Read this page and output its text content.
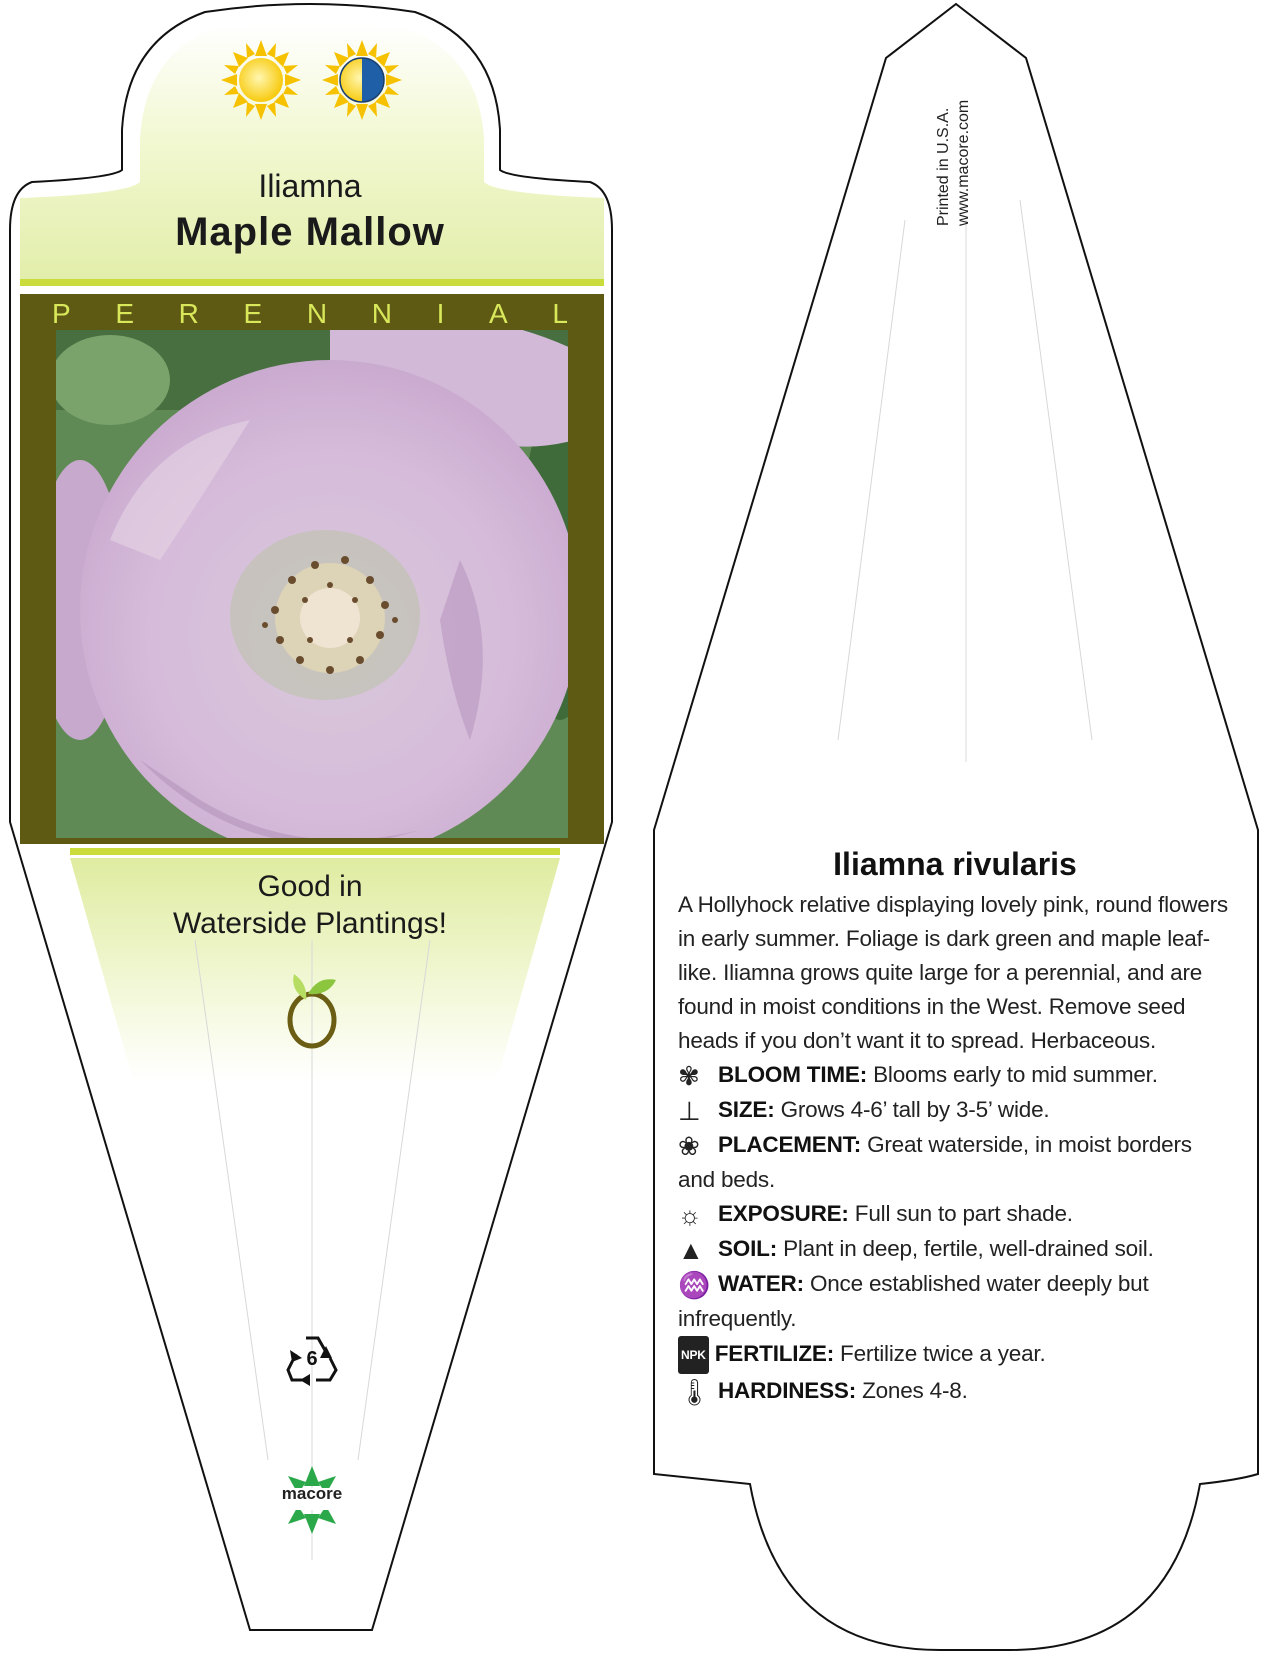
Iliamna
Maple Mallow
P E R E N N I A L
Good in
Waterside Plantings!
6
macore
Printed in U.S.A. www.macore.com
Iliamna rivularis

A Hollyhock relative displaying lovely pink, round flowers in early summer. Foliage is dark green and maple leaf-like. Iliamna grows quite large for a perennial, and are found in moist conditions in the West. Remove seed heads if you don’t want it to spread. Herbaceous.

✾ BLOOM TIME: Blooms early to mid summer.
⊥ SIZE: Grows 4-6’ tall by 3-5’ wide.
❀ PLACEMENT: Great waterside, in moist borders and beds.
☼ EXPOSURE: Full sun to part shade.
▲ SOIL: Plant in deep, fertile, well-drained soil.
♒ WATER: Once established water deeply but infrequently.
NPK FERTILIZE: Fertilize twice a year.
🌡 HARDINESS: Zones 4-8.
